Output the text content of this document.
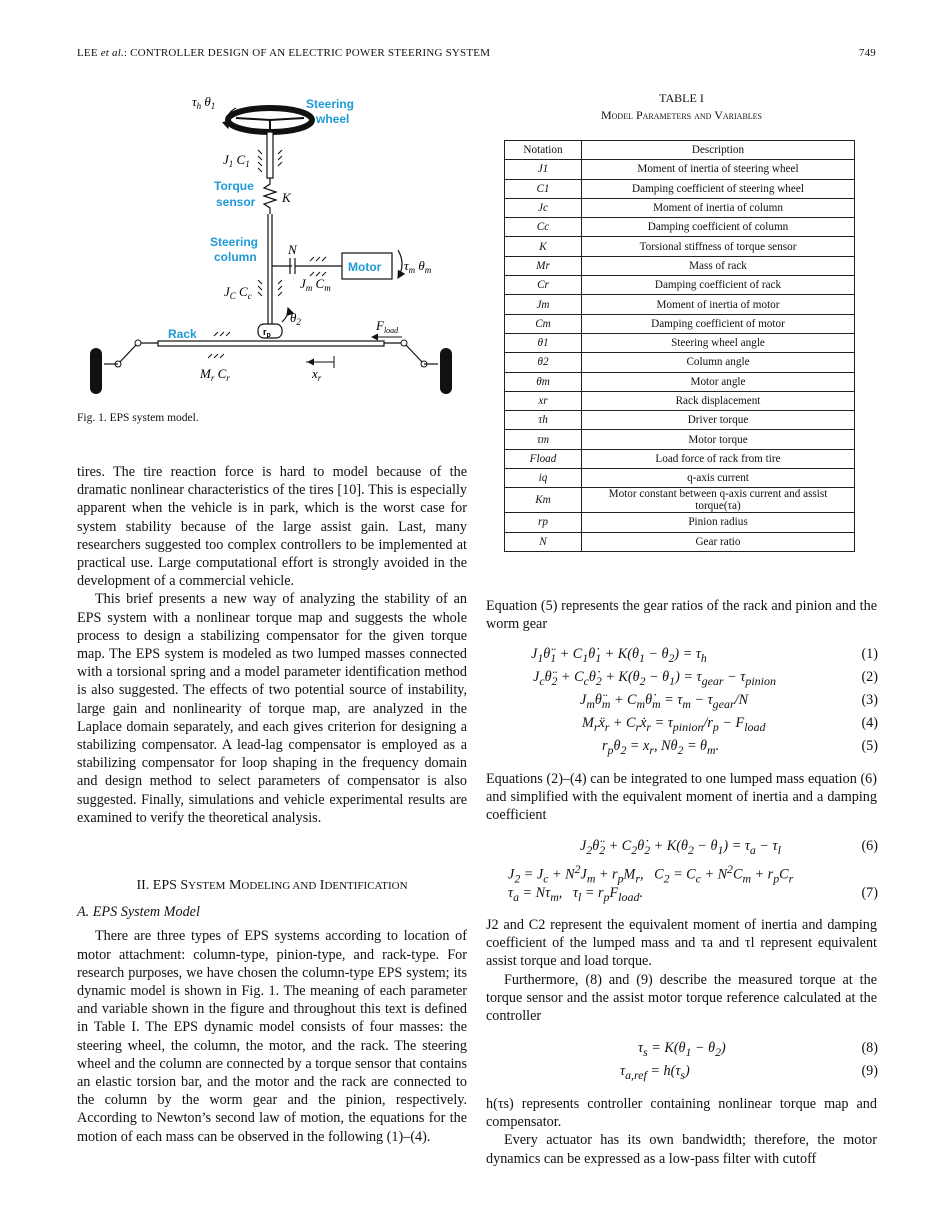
LEE et al.: CONTROLLER DESIGN OF AN ELECTRIC POWER STEERING SYSTEM	749
$\tau_h$ $\theta_1$	Steering
wheel
$J_1$ $C_1$
K
Torque
sensor
Steering
column N
Motor $\tau_m$ $\theta_m$
$J_m$ $C_m$
$J_C$ $C_c$
$r_p$
$\theta_2$
Rack
$F_{load}$
$M_r$ $C_r$	$x_r$
Fig. 1. EPS system model.

tires. The tire reaction force is hard to model because of the dramatic nonlinear characteristics of the tires [10]. This is especially apparent when the vehicle is in park, which is the worst case for system stability because of the large assist gain. Last, many researchers suggested too complex controllers to be implemented at practical use. Large computational effort is strongly avoided in the development of a commercial vehicle.

This brief presents a new way of analyzing the stability of an EPS system with a nonlinear torque map and suggests the whole process to design a stabilizing compensator for the given torque map. The EPS system is modeled as two lumped masses connected with a torsional spring and a model parameter identification method is also suggested. The effects of two potential source of instability, large gain and nonlinearity of torque map, are analyzed in the Laplace domain separately, and each gives criterion for designing a stabilizing compensator. A lead-lag compensator is employed as a stabilizing compensator for loop shaping in the frequency domain and design method to select parameters of compensator is also suggested. Finally, simulations and vehicle experimental results are examined to verify the theoretical analysis.

II. EPS SYSTEM MODELING AND IDENTIFICATION

A. EPS System Model

There are three types of EPS systems according to location of motor attachment: column-type, pinion-type, and rack-type. For research purposes, we have chosen the column-type EPS system; its dynamic model is shown in Fig. 1. The meaning of each parameter and variable shown in the figure and throughout this text is defined in Table I. The EPS dynamic model consists of four masses: the steering wheel, the column, the motor, and the rack. The steering wheel and the column are connected by a torque sensor that contains an elastic torsion bar, and the motor and the rack are connected to the column by the worm gear and the pinion, respectively. According to Newton’s second law of motion, the equations for the motion of each mass can be observed in the following (1)–(4).

TABLE I
Model Parameters and Variables
Notation	Description
J1	Moment of inertia of steering wheel
C1	Damping coefficient of steering wheel
Jc	Moment of inertia of column
Cc	Damping coefficient of column
K	Torsional stiffness of torque sensor
Mr	Mass of rack
Cr	Damping coefficient of rack
Jm	Moment of inertia of motor
Cm	Damping coefficient of motor
θ1	Steering wheel angle
θ2	Column angle
θm	Motor angle
xr	Rack displacement
τh	Driver torque
τm	Motor torque
Fload	Load force of rack from tire
iq	q-axis current
Km	Motor constant between q-axis current and assist torque(τa)
rp	Pinion radius
N	Gear ratio
Equation (5) represents the gear ratios of the rack and pinion and the worm gear
$J_1\thetä_1$ + $C_1\thetȧ_1 + K(\theta_1 - \theta_2) = \tau_h$	(1)
$J_c\thetä_2$ + $C_c\thetȧ_2 + K(\theta_2 - \theta_1) = \tau_{gear} - \tau_{pinion}$	(2)
$J_m\thetä_m$ + $C_m\thetȧ_m = \tau_m - \tau_{gear}/N$	(3)
$M_rẍ_r$ + $C_rẋ_r = \tau_{pinion}/r_p - F_{load}$	(4)
$r_p\theta_2 = x_r$, $N\theta_2 = \theta_m$.	(5)
Equations (2)–(4) can be integrated to one lumped mass equation (6) and simplified with the equivalent moment of inertia and a damping coefficient
$J_2\thetä_2$ + $C_2\thetȧ_2 + K(\theta_2 - \theta_1) = \tau_a - \tau_l$	(6)
$J_2 = J_c + N^2J_m + r_pM_r$,   $C_2 = C_c + N^2C_m + r_pC_r$
$\tau_a = N\tau_m$,   $\tau_l = r_pF_{load}$.	(7)

J2 and C2 represent the equivalent moment of inertia and damping coefficient of the lumped mass and τa and τl represent equivalent assist torque and load torque.

Furthermore, (8) and (9) describe the measured torque at the torque sensor and the assist motor torque reference calculated at the controller

$\tau_s = K(\theta_1 - \theta_2)$	(8)
$\tau_{a,ref} = h(\tau_s)$	(9)

h(τs) represents controller containing nonlinear torque map and compensator.

Every actuator has its own bandwidth; therefore, the motor dynamics can be expressed as a low-pass filter with cutoff
